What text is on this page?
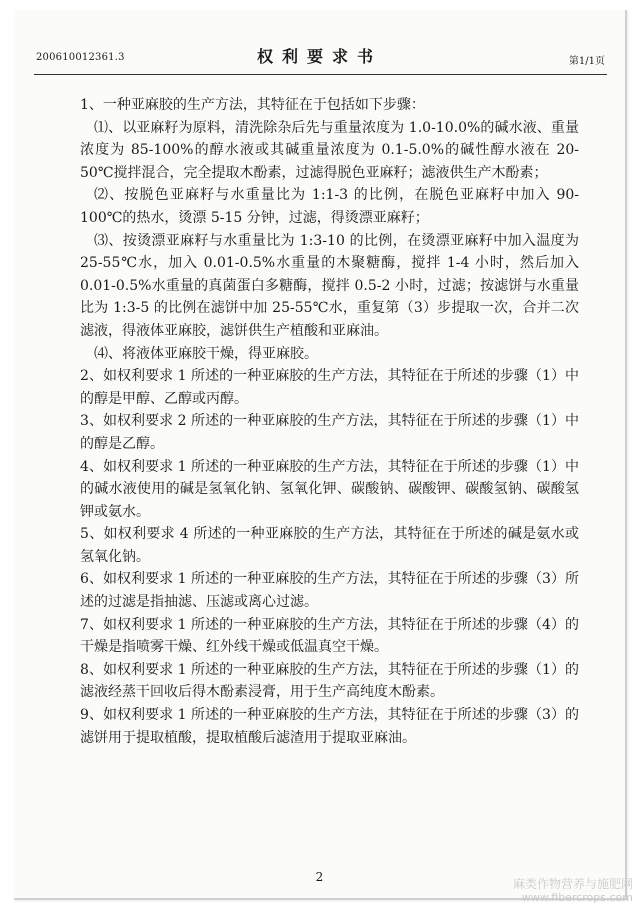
200610012361.3	权利要求书	第1/1页

1、一种亚麻胶的生产方法，其特征在于包括如下步骤：

⑴、以亚麻籽为原料，清洗除杂后先与重量浓度为 1.0-10.0%的碱水液、重量浓度为 85-100%的醇水液或其碱重量浓度为 0.1-5.0%的碱性醇水液在 20-50℃搅拌混合，完全提取木酚素，过滤得脱色亚麻籽；滤液供生产木酚素；

⑵、按脱色亚麻籽与水重量比为 1:1-3 的比例，在脱色亚麻籽中加入 90-100℃的热水，烫漂 5-15 分钟，过滤，得烫漂亚麻籽；

⑶、按烫漂亚麻籽与水重量比为 1:3-10 的比例，在烫漂亚麻籽中加入温度为 25-55℃水，加入 0.01-0.5%水重量的木聚糖酶，搅拌 1-4 小时，然后加入 0.01-0.5%水重量的真菌蛋白多糖酶，搅拌 0.5-2 小时，过滤；按滤饼与水重量比为 1:3-5 的比例在滤饼中加 25-55℃水，重复第（3）步提取一次，合并二次滤液，得液体亚麻胶，滤饼供生产植酸和亚麻油。

⑷、将液体亚麻胶干燥，得亚麻胶。

2、如权利要求 1 所述的一种亚麻胶的生产方法，其特征在于所述的步骤（1）中的醇是甲醇、乙醇或丙醇。

3、如权利要求 2 所述的一种亚麻胶的生产方法，其特征在于所述的步骤（1）中的醇是乙醇。

4、如权利要求 1 所述的一种亚麻胶的生产方法，其特征在于所述的步骤（1）中的碱水液使用的碱是氢氧化钠、氢氧化钾、碳酸钠、碳酸钾、碳酸氢钠、碳酸氢钾或氨水。

5、如权利要求 4 所述的一种亚麻胶的生产方法，其特征在于所述的碱是氨水或氢氧化钠。

6、如权利要求 1 所述的一种亚麻胶的生产方法，其特征在于所述的步骤（3）所述的过滤是指抽滤、压滤或离心过滤。

7、如权利要求 1 所述的一种亚麻胶的生产方法，其特征在于所述的步骤（4）的干燥是指喷雾干燥、红外线干燥或低温真空干燥。

8、如权利要求 1 所述的一种亚麻胶的生产方法，其特征在于所述的步骤（1）的滤液经蒸干回收后得木酚素浸膏，用于生产高纯度木酚素。

9、如权利要求 1 所述的一种亚麻胶的生产方法，其特征在于所述的步骤（3）的滤饼用于提取植酸，提取植酸后滤渣用于提取亚麻油。

2	麻类作物营养与施肥网
www.fibercrops.com
